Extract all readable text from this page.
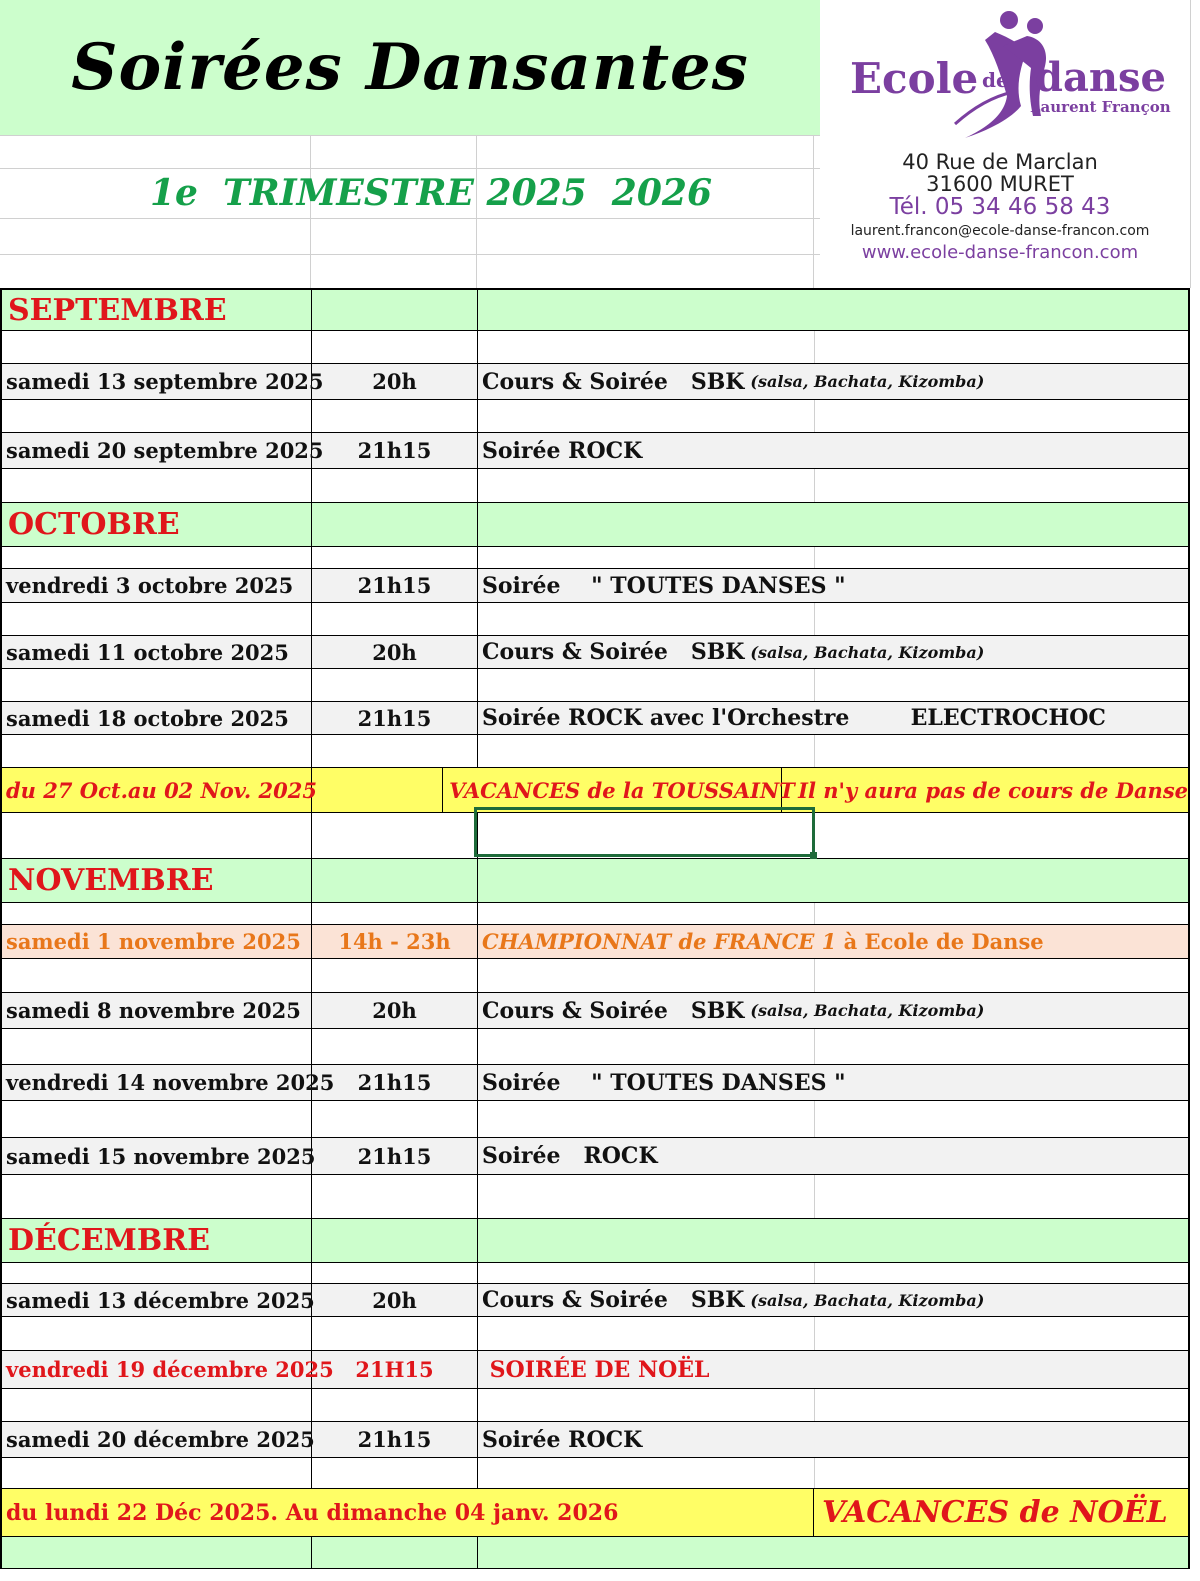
Soirées Dansantes
1e  TRIMESTRE 2025  2026
Ecole de danse
Laurent Françon
40 Rue de Marclan
31600 MURET
Tél. 05 34 46 58 43
laurent.francon@ecole-danse-francon.com
www.ecole-danse-francon.com
SEPTEMBRE
samedi 13 septembre 2025	20h	Cours & Soirée   SBK (salsa, Bachata, Kizomba)
samedi 20 septembre 2025	21h15	Soirée ROCK
OCTOBRE
vendredi 3 octobre 2025	21h15	Soirée    " TOUTES DANSES "
samedi 11 octobre 2025	20h	Cours & Soirée   SBK (salsa, Bachata, Kizomba)
samedi 18 octobre 2025	21h15	Soirée ROCK avec l'Orchestre        ELECTROCHOC
du 27 Oct.au 02 Nov. 2025	VACANCES de la TOUSSAINT Il n'y aura pas de cours de Danse
NOVEMBRE
samedi 1 novembre 2025	14h - 23h	CHAMPIONNAT de FRANCE 1
à Ecole de Danse
samedi 8 novembre 2025	20h	Cours & Soirée   SBK (salsa, Bachata, Kizomba)
vendredi 14 novembre 2025	21h15	Soirée    " TOUTES DANSES "
samedi 15 novembre 2025	21h15	Soirée   ROCK
DÉCEMBRE
samedi 13 décembre 2025	20h	Cours & Soirée   SBK (salsa, Bachata, Kizomba)
vendredi 19 décembre 2025	21H15	SOIRÉE DE NOËL
samedi 20 décembre 2025	21h15	Soirée ROCK
du lundi 22 Déc 2025. Au dimanche 04 janv. 2026	VACANCES de NOËL
